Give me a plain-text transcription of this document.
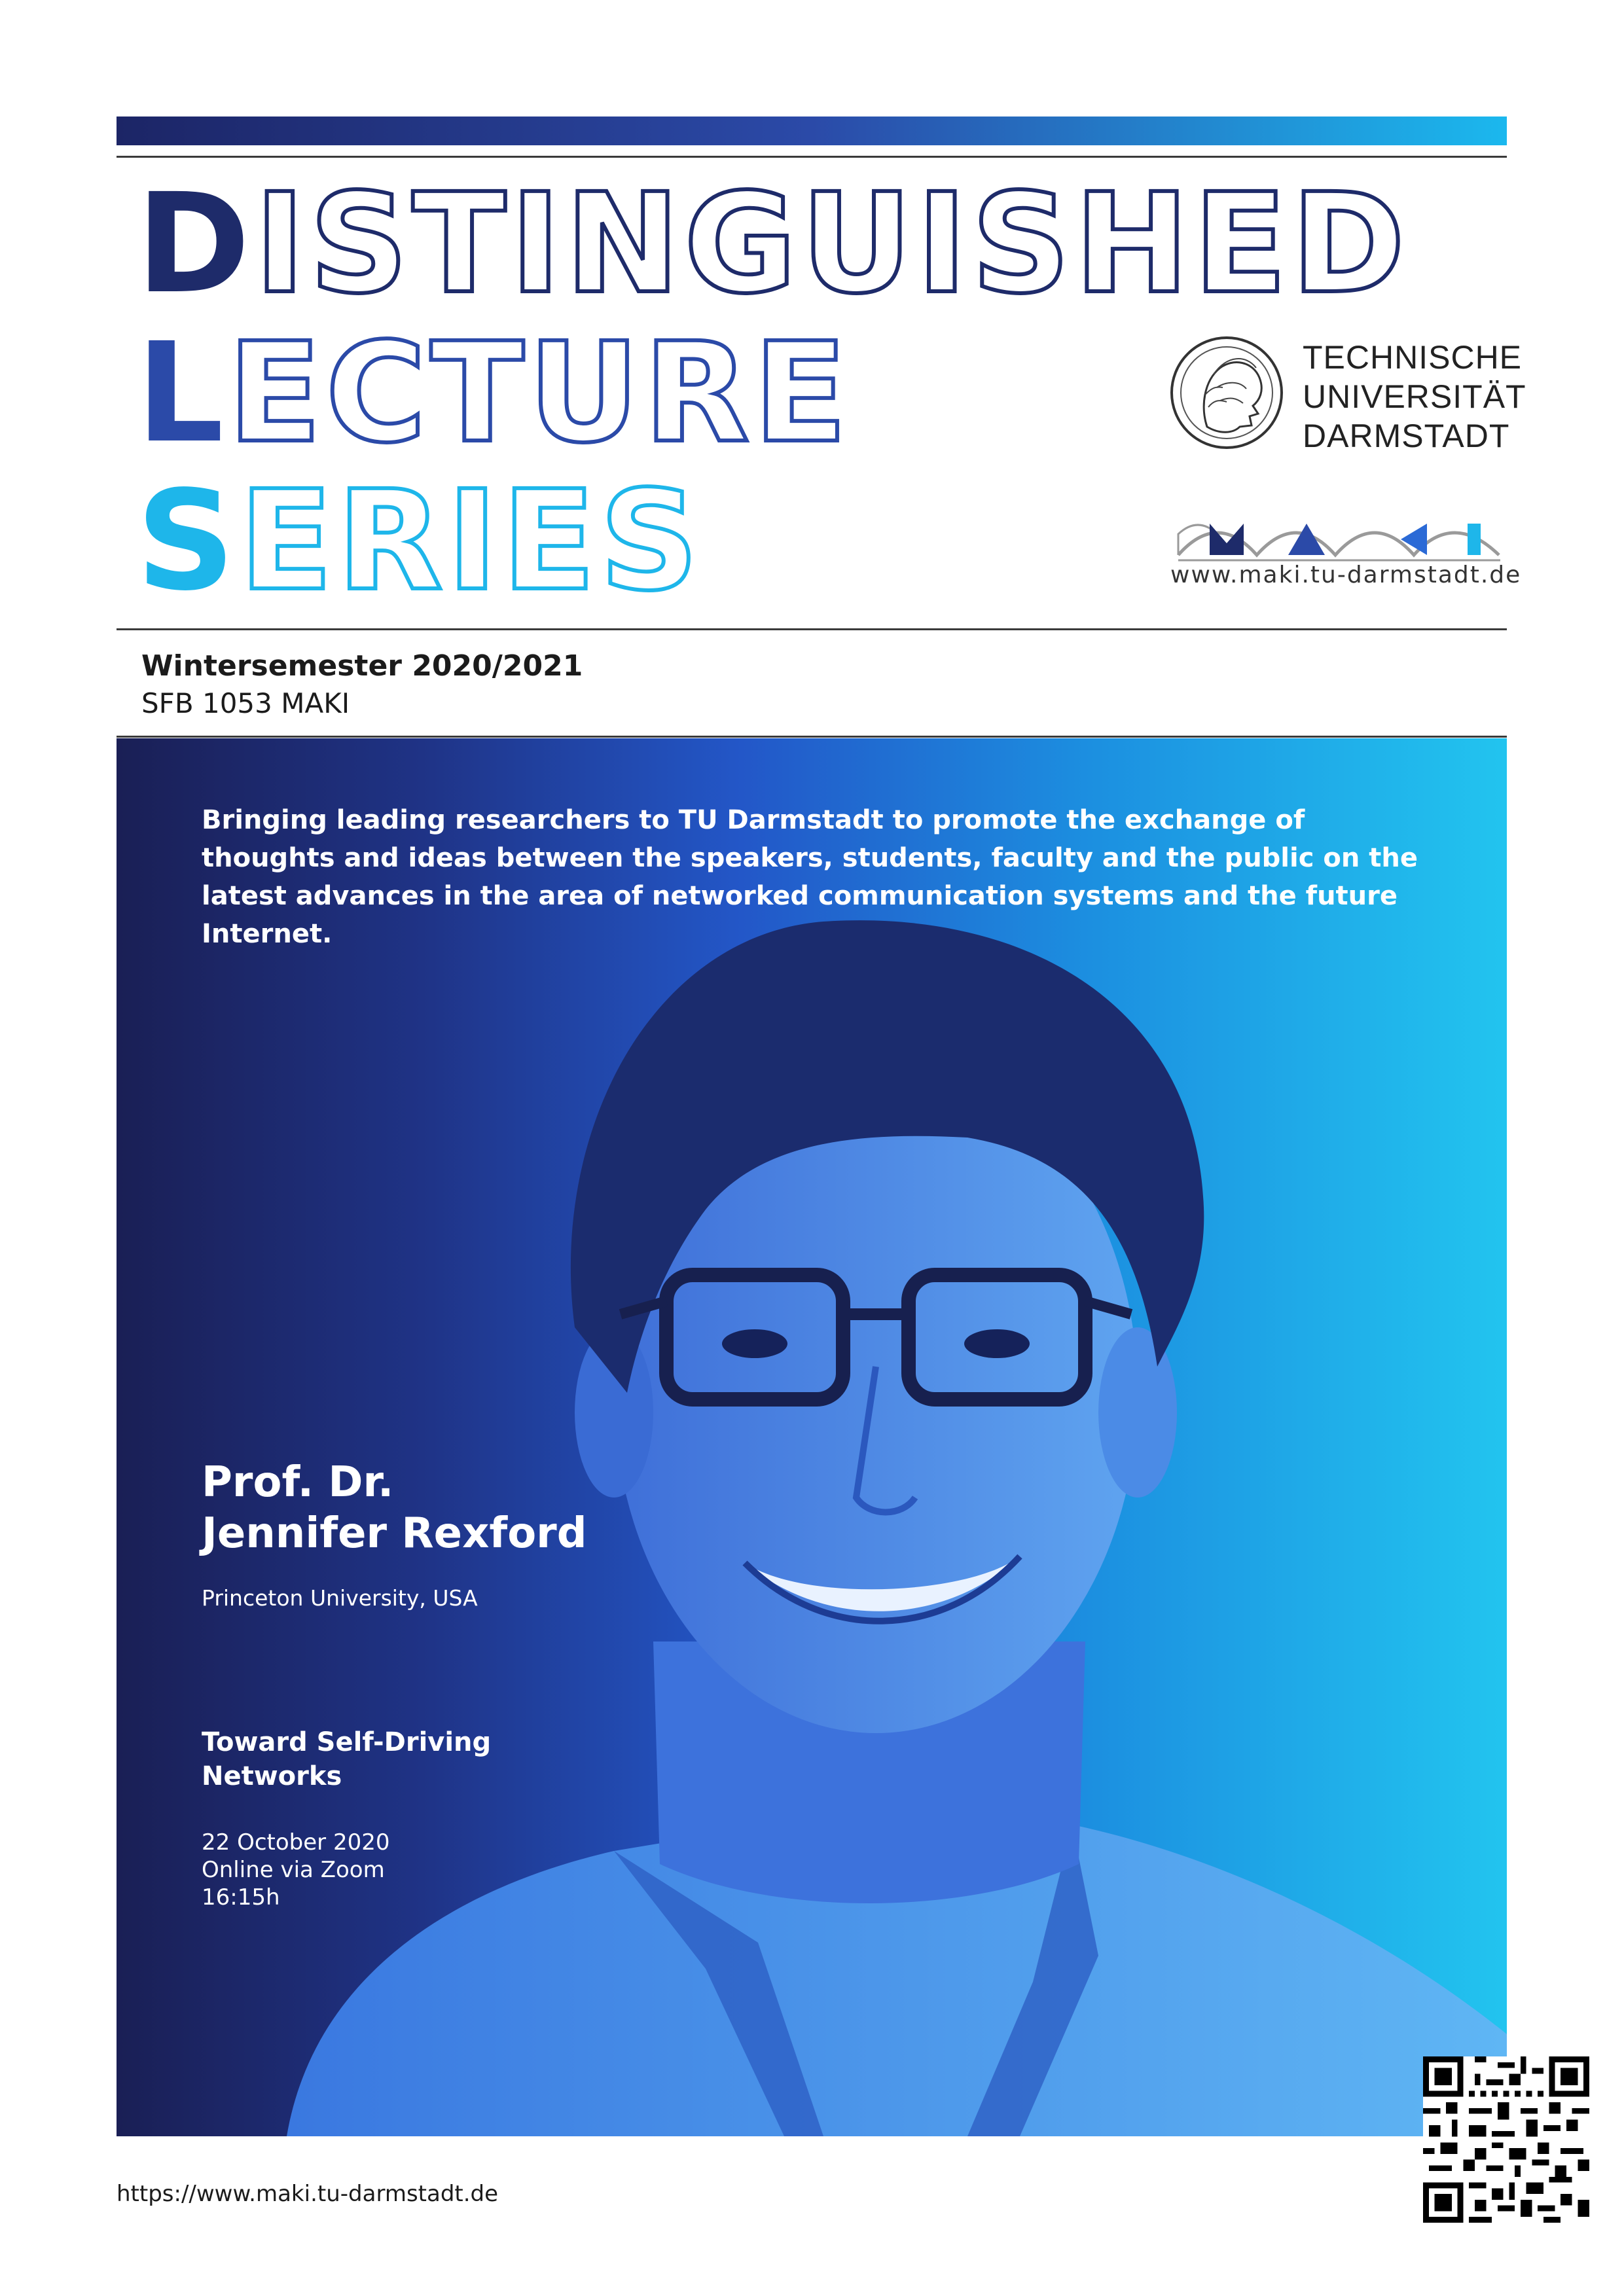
DISTINGUISHED
LECTURE
SERIES
TECHNISCHE
UNIVERSITÄT
DARMSTADT
www.maki.tu-darmstadt.de
Wintersemester 2020/2021
SFB 1053 MAKI
Bringing leading researchers to TU Darmstadt to promote the exchange of thoughts and ideas between the speakers, students, faculty and the public on the latest advances in the area of networked communication systems and the future Internet.
Prof. Dr.
Jennifer Rexford
Princeton University, USA
Toward Self-Driving
Networks
22 October 2020
Online via Zoom
16:15h
https://www.maki.tu-darmstadt.de
